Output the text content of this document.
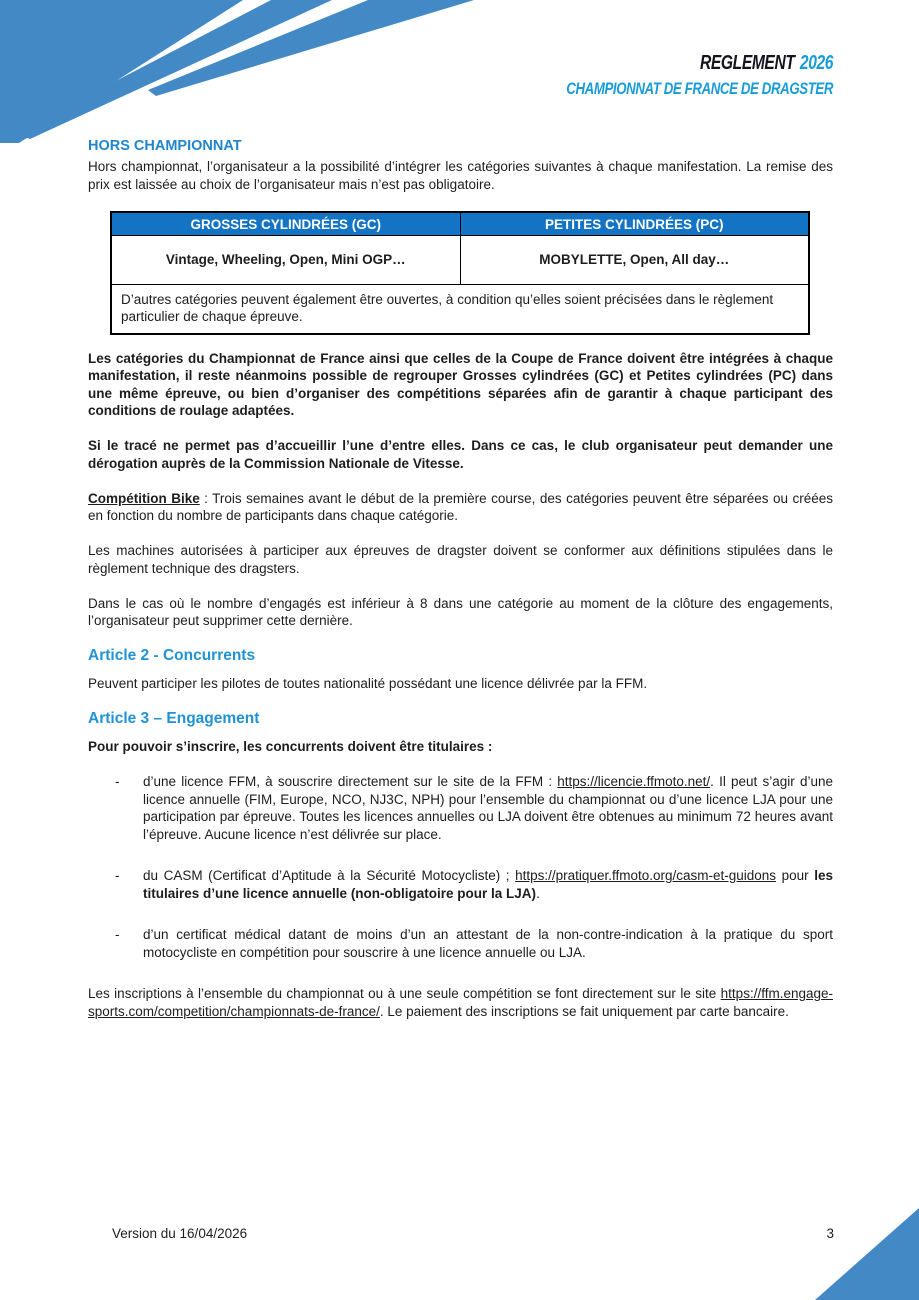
REGLEMENT 2026
CHAMPIONNAT DE FRANCE DE DRAGSTER
HORS CHAMPIONNAT

Hors championnat, l’organisateur a la possibilité d’intégrer les catégories suivantes à chaque manifestation. La remise des prix est laissée au choix de l’organisateur mais n’est pas obligatoire.

GROSSES CYLINDRÉES (GC)	PETITES CYLINDRÉES (PC)
Vintage, Wheeling, Open, Mini OGP…	MOBYLETTE, Open, All day…
D’autres catégories peuvent également être ouvertes, à condition qu’elles soient précisées dans le règlement particulier de chaque épreuve.	

Les catégories du Championnat de France ainsi que celles de la Coupe de France doivent être intégrées à chaque manifestation, il reste néanmoins possible de regrouper Grosses cylindrées (GC) et Petites cylindrées (PC) dans une même épreuve, ou bien d’organiser des compétitions séparées afin de garantir à chaque participant des conditions de roulage adaptées.

Si le tracé ne permet pas d’accueillir l’une d’entre elles. Dans ce cas, le club organisateur peut demander une dérogation auprès de la Commission Nationale de Vitesse.

Compétition Bike : Trois semaines avant le début de la première course, des catégories peuvent être séparées ou créées en fonction du nombre de participants dans chaque catégorie.

Les machines autorisées à participer aux épreuves de dragster doivent se conformer aux définitions stipulées dans le règlement technique des dragsters.

Dans le cas où le nombre d’engagés est inférieur à 8 dans une catégorie au moment de la clôture des engagements, l’organisateur peut supprimer cette dernière.

Article 2 - Concurrents

Peuvent participer les pilotes de toutes nationalité possédant une licence délivrée par la FFM.

Article 3 – Engagement

Pour pouvoir s’inscrire, les concurrents doivent être titulaires :

- d’une licence FFM, à souscrire directement sur le site de la FFM : https://licencie.ffmoto.net/. Il peut s’agir d’une licence annuelle (FIM, Europe, NCO, NJ3C, NPH) pour l’ensemble du championnat ou d’une licence LJA pour une participation par épreuve. Toutes les licences annuelles ou LJA doivent être obtenues au minimum 72 heures avant l’épreuve. Aucune licence n’est délivrée sur place.
- du CASM (Certificat d’Aptitude à la Sécurité Motocycliste) ; https://pratiquer.ffmoto.org/casm-et-guidons pour les titulaires d’une licence annuelle (non-obligatoire pour la LJA).
- d’un certificat médical datant de moins d’un an attestant de la non-contre-indication à la pratique du sport motocycliste en compétition pour souscrire à une licence annuelle ou LJA.

Les inscriptions à l’ensemble du championnat ou à une seule compétition se font directement sur le site https://ffm.engage-sports.com/competition/championnats-de-france/. Le paiement des inscriptions se fait uniquement par carte bancaire.

Version du 16/04/2026	3
